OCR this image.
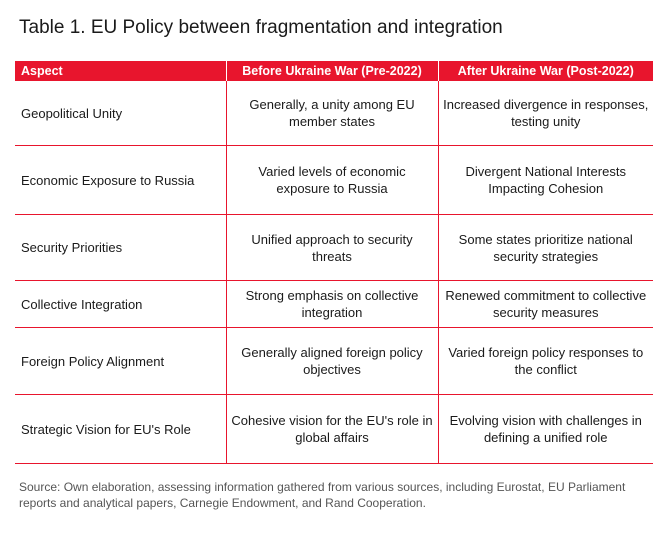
Table 1. EU Policy between fragmentation and integration
Aspect	Before Ukraine War (Pre-2022)	After Ukraine War (Post-2022)
Geopolitical Unity	Generally, a unity among EU member states	Increased divergence in responses, testing unity
Economic Exposure to Russia	Varied levels of economic exposure to Russia	Divergent National Interests Impacting Cohesion
Security Priorities	Unified approach to security threats	Some states prioritize national security strategies
Collective Integration	Strong emphasis on collective integration	Renewed commitment to collective security measures
Foreign Policy Alignment	Generally aligned foreign policy objectives	Varied foreign policy responses to the conflict
Strategic Vision for EU's Role	Cohesive vision for the EU's role in global affairs	Evolving vision with challenges in defining a unified role
Source: Own elaboration, assessing information gathered from various sources, including Eurostat, EU Parliament reports and analytical papers, Carnegie Endowment, and Rand Cooperation.
